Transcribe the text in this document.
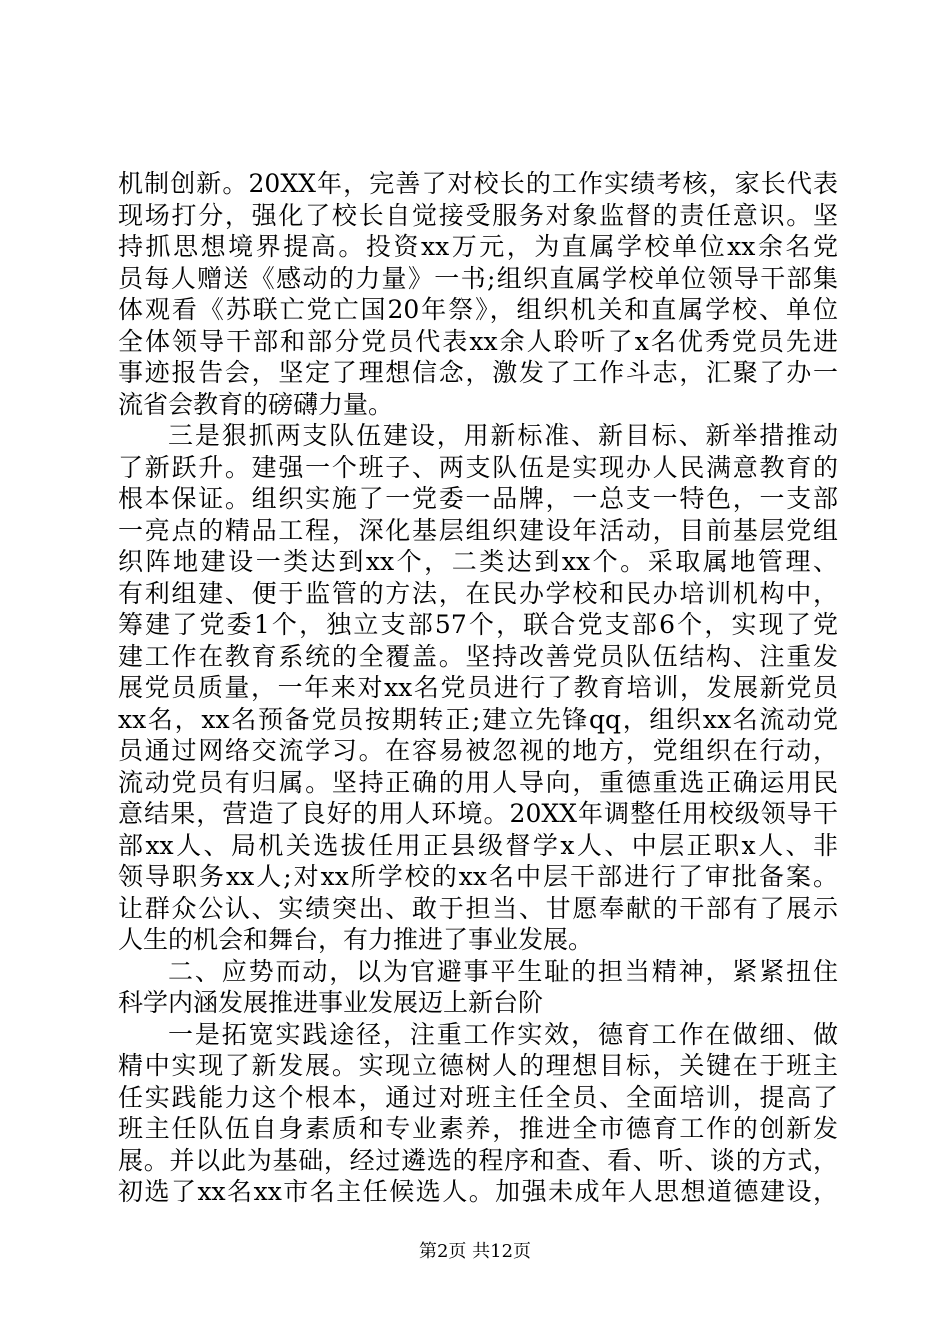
机制创新。20XX年，完善了对校长的工作实绩考核，家长代表
现场打分，强化了校长自觉接受服务对象监督的责任意识。坚
持抓思想境界提高。投资xx万元，为直属学校单位xx余名党
员每人赠送《感动的力量》一书;组织直属学校单位领导干部集
体观看《苏联亡党亡国20年祭》，组织机关和直属学校、单位
全体领导干部和部分党员代表xx余人聆听了x名优秀党员先进
事迹报告会，坚定了理想信念，激发了工作斗志，汇聚了办一
流省会教育的磅礴力量。
三是狠抓两支队伍建设，用新标准、新目标、新举措推动
了新跃升。建强一个班子、两支队伍是实现办人民满意教育的
根本保证。组织实施了一党委一品牌，一总支一特色，一支部
一亮点的精品工程，深化基层组织建设年活动，目前基层党组
织阵地建设一类达到xx个，二类达到xx个。采取属地管理、
有利组建、便于监管的方法，在民办学校和民办培训机构中，
筹建了党委1个，独立支部57个，联合党支部6个，实现了党
建工作在教育系统的全覆盖。坚持改善党员队伍结构、注重发
展党员质量，一年来对xx名党员进行了教育培训，发展新党员
xx名，xx名预备党员按期转正;建立先锋qq，组织xx名流动党
员通过网络交流学习。在容易被忽视的地方，党组织在行动，
流动党员有归属。坚持正确的用人导向，重德重选正确运用民
意结果，营造了良好的用人环境。20XX年调整任用校级领导干
部xx人、局机关选拔任用正县级督学x人、中层正职x人、非
领导职务xx人;对xx所学校的xx名中层干部进行了审批备案。
让群众公认、实绩突出、敢于担当、甘愿奉献的干部有了展示
人生的机会和舞台，有力推进了事业发展。
二、应势而动，以为官避事平生耻的担当精神，紧紧扭住
科学内涵发展推进事业发展迈上新台阶
一是拓宽实践途径，注重工作实效，德育工作在做细、做
精中实现了新发展。实现立德树人的理想目标，关键在于班主
任实践能力这个根本，通过对班主任全员、全面培训，提高了
班主任队伍自身素质和专业素养，推进全市德育工作的创新发
展。并以此为基础，经过遴选的程序和查、看、听、谈的方式，
初选了xx名xx市名主任候选人。加强未成年人思想道德建设，
第2页 共12页
